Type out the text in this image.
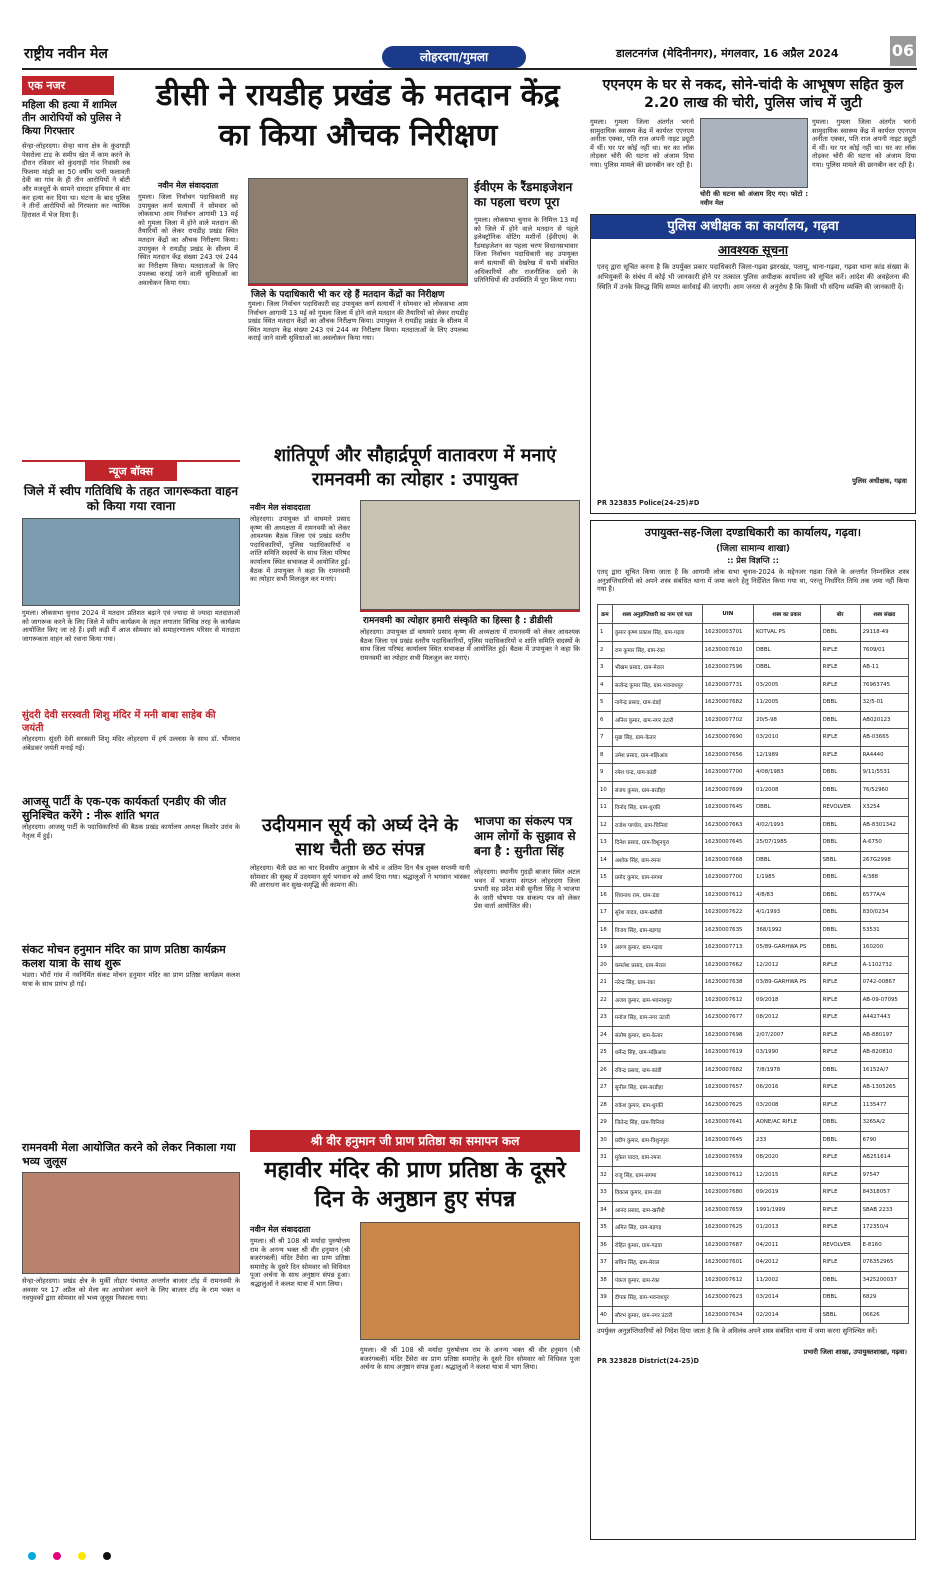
राष्ट्रीय नवीन मेल	लोहरदगा/गुमला	डालटनगंज (मेदिनीनगर), मंगलवार, 16 अप्रैल 2024	06
एक नजर
महिला की हत्या में शामिल तीन आरोपियों को पुलिस ने किया गिरफ्तार
सेन्हा-लोहरदगा। सेन्हा थाना क्षेत्र के कुंदगाड़ी पेसरोला टाड़ के समीप खेत में काम करने के दौरान रविवार को कुंदगाड़ी गांव निवासी रुब फिलमा मांझी का 50 वर्षीय पत्नी फलावती देवी का गांव के ही तीन आरोपियों ने बोटी और मजदूरों के सामने धारदार हथियार से वार कर हत्या कर दिया था। घटना के बाद पुलिस ने तीनों आरोपियों को गिरफ्तार कर न्यायिक हिरासत में भेज दिया है।
डीसी ने रायडीह प्रखंड के मतदान केंद्र का किया औचक निरीक्षण
नवीन मेल संवाददाता
गुमला। जिला निर्वाचन पदाधिकारी सह उपायुक्त कर्ण सत्यार्थी ने सोमवार को लोकसभा आम निर्वाचन आगामी 13 मई को गुमला जिला में होने वाले मतदान की तैयारियों को लेकर रायडीह प्रखंड स्थित मतदान केंद्रों का औचक निरीक्षण किया। उपायुक्त ने रायडीह प्रखंड के सीलम में स्थित मतदान केंद्र संख्या 243 एवं 244 का निरीक्षण किया। मतदाताओं के लिए उपलब्ध कराई जाने वाली सुविधाओं का अवलोकन किया गया।
जिले के पदाधिकारी भी कर रहे हैं मतदान केंद्रों का निरीक्षण
गुमला। जिला निर्वाचन पदाधिकारी सह उपायुक्त कर्ण सत्यार्थी ने सोमवार को लोकसभा आम निर्वाचन आगामी 13 मई को गुमला जिला में होने वाले मतदान की तैयारियों को लेकर रायडीह प्रखंड स्थित मतदान केंद्रों का औचक निरीक्षण किया। उपायुक्त ने रायडीह प्रखंड के सीलम में स्थित मतदान केंद्र संख्या 243 एवं 244 का निरीक्षण किया। मतदाताओं के लिए उपलब्ध कराई जाने वाली सुविधाओं का अवलोकन किया गया।
ईवीएम के रैंडमाइजेशन का पहला चरण पूरा
गुमला। लोकसभा चुनाव के निमित्त 13 मई को जिले में होने वाले मतदान से पहले इलेक्ट्रॉनिक वोटिंग मशीनों (ईवीएम) के रैंडमाइजेशन का पहला चरण विधानसभावार जिला निर्वाचन पदाधिकारी सह उपायुक्त कर्ण सत्यार्थी की देखरेख में सभी संबंधित अधिकारियों और राजनीतिक दलों के प्रतिनिधियों की उपस्थिति में पूरा किया गया।
एएनएम के घर से नकद, सोने-चांदी के आभूषण सहित कुल 2.20 लाख की चोरी, पुलिस जांच में जुटी
गुमला। गुमला जिला अंतर्गत भरनो सामुदायिक स्वास्थ्य केंद्र में कार्यरत एएनएम अनीता एक्का, पति राज अपनी नाइट ड्यूटी में थीं। घर पर कोई नहीं था। घर का लॉक तोड़कर चोरी की घटना को अंजाम दिया गया। पुलिस मामले की छानबीन कर रही है।
चोरी की घटना को अंजाम दिए गए। फोटो : नवीन मेल
गुमला। गुमला जिला अंतर्गत भरनो सामुदायिक स्वास्थ्य केंद्र में कार्यरत एएनएम अनीता एक्का, पति राज अपनी नाइट ड्यूटी में थीं। घर पर कोई नहीं था। घर का लॉक तोड़कर चोरी की घटना को अंजाम दिया गया। पुलिस मामले की छानबीन कर रही है।
पुलिस अधीक्षक का कार्यालय, गढ़वा
आवश्यक सूचना
एतद् द्वारा सूचित करना है कि उपर्युक्त प्रकार पदाधिकारी जिला-गढ़वा झारखंड, पलामू, थाना-गढ़वा, गढ़वा थाना कांड संख्या के अभियुक्तों के संबंध में कोई भी जानकारी होने पर तत्काल पुलिस अधीक्षक कार्यालय को सूचित करें। आदेश की अवहेलना की स्थिति में उनके विरुद्ध विधि सम्मत कार्रवाई की जाएगी। आम जनता से अनुरोध है कि किसी भी संदिग्ध व्यक्ति की जानकारी दें।
पुलिस अधीक्षक, गढ़वा
PR 323835 Police(24-25)#D
न्यूज बॉक्स
जिले में स्वीप गतिविधि के तहत जागरूकता वाहन को किया गया रवाना
गुमला। लोकसभा चुनाव 2024 में मतदान प्रतिशत बढ़ाने एवं ज्यादा से ज्यादा मतदाताओं को जागरूक करने के लिए जिले में स्वीप कार्यक्रम के तहत लगातार विभिन्न तरह के कार्यक्रम आयोजित किए जा रहे हैं। इसी कड़ी में आज सोमवार को समाहरणालय परिसर से मतदाता जागरूकता वाहन को रवाना किया गया।
सुंदरी देवी सरस्वती शिशु मंदिर में मनी बाबा साहेब की जयंती
लोहरदगा। सुंदरी देवी सरस्वती शिशु मंदिर लोहरदगा में हर्ष उल्लास के साथ डॉ. भीमराव अंबेडकर जयंती मनाई गई।
आजसू पार्टी के एक-एक कार्यकर्ता एनडीए की जीत सुनिश्चित करेंगे : नीरू शांति भगत
लोहरदगा। आजसू पार्टी के पदाधिकारियों की बैठक प्रखंड कार्यालय अध्यक्ष किशोर उरांव के नेतृत्व में हुई।
संकट मोचन हनुमान मंदिर का प्राण प्रतिष्ठा कार्यक्रम कलश यात्रा के साथ शुरू
भंडरा। भौरों गांव में नवनिर्मित संकट मोचन हनुमान मंदिर का प्राण प्रतिष्ठा कार्यक्रम कलश यात्रा के साथ प्रारंभ हो गई।
रामनवमी मेला आयोजित करने को लेकर निकाला गया भव्य जुलूस
सेन्हा-लोहरदगा। प्रखंड क्षेत्र के मुर्की तोड़ार पंचायत अन्तर्गत बाजार टॉड़ में रामनवमी के अवसर पर 17 अप्रैल को मेला का आयोजन करने के लिए बाजार टॉड़ के राम भक्त व नवयुवकों द्वारा सोमवार को भव्य जुलूस निकाला गया।
शांतिपूर्ण और सौहार्द्रपूर्ण वातावरण में मनाएं रामनवमी का त्योहार : उपायुक्त
नवीन मेल संवाददाता
लोहरदगा। उपायुक्त डॉ वाघमारे प्रसाद कृष्ण की अध्यक्षता में रामनवमी को लेकर आवश्यक बैठक जिला एवं प्रखंड स्तरीय पदाधिकारियों, पुलिस पदाधिकारियों व शांति समिति सदस्यों के साथ जिला परिषद कार्यालय स्थित सभाकक्ष में आयोजित हुई। बैठक में उपायुक्त ने कहा कि रामनवमी का त्योहार सभी मिलजुल कर मनाएं।
रामनवमी का त्योहार हमारी संस्कृति का हिस्सा है : डीडीसी
लोहरदगा। उपायुक्त डॉ वाघमारे प्रसाद कृष्ण की अध्यक्षता में रामनवमी को लेकर आवश्यक बैठक जिला एवं प्रखंड स्तरीय पदाधिकारियों, पुलिस पदाधिकारियों व शांति समिति सदस्यों के साथ जिला परिषद कार्यालय स्थित सभाकक्ष में आयोजित हुई। बैठक में उपायुक्त ने कहा कि रामनवमी का त्योहार सभी मिलजुल कर मनाएं।
उदीयमान सूर्य को अर्घ्य देने के साथ चैती छठ संपन्न
लोहरदगा। चैती छठ का चार दिवसीय अनुष्ठान के चौथे व अंतिम दिन चैत्र शुक्ल सप्तमी यानी सोमवार की सुबह में उदयमान सूर्य भगवान को अर्घ्य दिया गया। श्रद्धालुओं ने भगवान भास्कर की आराधना कर सुख-समृद्धि की कामना की।
भाजपा का संकल्प पत्र आम लोगों के सुझाव से बना है : सुनीता सिंह
लोहरदगा। स्थानीय गुदड़ी बाजार स्थित अटल भवन में भाजपा संगठन लोहरदगा जिला प्रभारी सह प्रदेश मंत्री सुनीता सिंह ने भाजपा के जारी घोषणा पत्र संकल्प पत्र को लेकर प्रेस वार्ता आयोजित की।
श्री वीर हनुमान जी प्राण प्रतिष्ठा का समापन कल
महावीर मंदिर की प्राण प्रतिष्ठा के दूसरे दिन के अनुष्ठान हुए संपन्न
नवीन मेल संवाददाता
गुमला। श्री श्री 108 श्री मर्यादा पुरुषोत्तम राम के अनन्य भक्त श्री वीर हनुमान (श्री बजरंगबली) मंदिर टैंसेरा का प्राण प्रतिष्ठा समारोह के दूसरे दिन सोमवार को विधिवत पूजा अर्चना के साथ अनुष्ठान संपन्न हुआ। श्रद्धालुओं ने कलश यात्रा में भाग लिया।
गुमला। श्री श्री 108 श्री मर्यादा पुरुषोत्तम राम के अनन्य भक्त श्री वीर हनुमान (श्री बजरंगबली) मंदिर टैंसेरा का प्राण प्रतिष्ठा समारोह के दूसरे दिन सोमवार को विधिवत पूजा अर्चना के साथ अनुष्ठान संपन्न हुआ। श्रद्धालुओं ने कलश यात्रा में भाग लिया।
उपायुक्त-सह-जिला दण्डाधिकारी का कार्यालय, गढ़वा।
(जिला सामान्य शाखा)
:: प्रेस विज्ञप्ति ::
एतद् द्वारा सूचित किया जाता है कि आगामी लोक सभा चुनाव-2024 के मद्देनजर गढ़वा जिले के अन्तर्गत निम्नांकित शस्त्र अनुज्ञप्तिधारियों को अपने शस्त्र संबंधित थाना में जमा करने हेतु निर्देशित किया गया था, परन्तु निर्धारित तिथि तक जमा नहीं किया गया है।
क्रम	शस्त्र अनुज्ञप्तिधारी का नाम एवं पता	UIN	शस्त्र का प्रकार	बोर	शस्त्र संख्या
1	कुमार कृष्ण प्रकाश सिंह, ग्राम-गढ़वा	16230003701	KOTVAL PS	DBBL	29118-49
2	राम कुमार सिंह, ग्राम-रंका	16230007610	DBBL	RIFLE	7609/01
3	भीखम प्रसाद, ग्राम-मेराल	16230007596	DBBL	RIFLE	AB-11
4	सत्येन्द्र कुमार सिंह, ग्राम-भवनाथपुर	16230007731	03/2005	RIFLE	76963745
5	नागेन्द्र प्रसाद, ग्राम-डंडई	16230007682	11/2005	DBBL	32/5-01
6	अनिल कुमार, ग्राम-नगर उंटारी	16230007702	20/5-98	DBBL	AB020123
7	मुन्ना सिंह, ग्राम-केतार	16230007690	03/2010	RIFLE	AB-03665
8	उमेश प्रसाद, ग्राम-मझिआंव	16230007656	12/1989	RIFLE	RA4440
9	रमेश चन्द्र, ग्राम-कांडी	16230007700	4/08/1983	DBBL	9/11/5531
10	संजय कुमार, ग्राम-बरडीहा	16230007699	01/2008	DBBL	76/52960
11	विनोद सिंह, ग्राम-धुरकी	16230007645	DBBL	REVOLVER	X3254
12	राजेश पाण्डेय, ग्राम-चिनियां	16230007663	4/02/1993	DBBL	AB-8301342
13	दिनेश प्रसाद, ग्राम-विशुनपुरा	16230007645	25/07/1985	DBBL	A-6750
14	अशोक सिंह, ग्राम-रमना	16230007668	DBBL	SBBL	267G2998
15	प्रमोद कुमार, ग्राम-सगमा	16230007700	1/1985	DBBL	4/388
16	शिवनाथ राम, ग्राम-डंडा	16230007612	4/8/83	DBBL	6577A/4
17	सुरेश यादव, ग्राम-खरौंधी	16230007622	4/1/1993	DBBL	830/0234
18	विजय सिंह, ग्राम-बड़गड़	16230007635	368/1992	DBBL	53531
19	अरुण कुमार, ग्राम-गढ़वा	16230007713	05/89-GARHWA PS	DBBL	160200
20	कमलेश प्रसाद, ग्राम-मेराल	16230007662	12/2012	RIFLE	A-1102732
21	नरेन्द्र सिंह, ग्राम-रंका	16230007638	03/89-GARHWA PS	RIFLE	0742-00867
22	अजय कुमार, ग्राम-भवनाथपुर	16230007612	09/2018	RIFLE	AB-09-07095
23	मनोज सिंह, ग्राम-नगर उंटारी	16230007677	08/2012	RIFLE	A4427443
24	संतोष कुमार, ग्राम-केतार	16230007698	2/07/2007	RIFLE	AB-880197
25	धर्मेन्द्र सिंह, ग्राम-मझिआंव	16230007619	03/1990	RIFLE	AB-820810
26	रविन्द्र प्रसाद, ग्राम-कांडी	16230007682	7/8/1978	DBBL	16152A/7
27	सुनील सिंह, ग्राम-बरडीहा	16230007657	06/2016	RIFLE	AB-1305265
28	राकेश कुमार, ग्राम-धुरकी	16230007625	03/2008	RIFLE	1135477
29	जितेन्द्र सिंह, ग्राम-चिनियां	16230007641	AONE/AC RIFLE	DBBL	3265A/2
30	प्रदीप कुमार, ग्राम-विशुनपुरा	16230007645	233	DBBL	6790
31	मुकेश यादव, ग्राम-रमना	16230007659	08/2020	RIFLE	AB251614
32	राजू सिंह, ग्राम-सगमा	16230007612	12/2015	RIFLE	97547
33	विकास कुमार, ग्राम-डंडा	16230007680	09/2019	RIFLE	84318057
34	आनंद प्रसाद, ग्राम-खरौंधी	16230007659	1991/1999	RIFLE	SBAB 2233
35	अमित सिंह, ग्राम-बड़गड़	16230007625	01/2013	RIFLE	172350/4
36	रोहित कुमार, ग्राम-गढ़वा	16230007687	04/2011	REVOLVER	E-8160
37	सचिन सिंह, ग्राम-मेराल	16230007601	04/2012	RIFLE	076352965
38	पंकज कुमार, ग्राम-रंका	16230007612	11/2002	DBBL	3425200037
39	दीपक सिंह, ग्राम-भवनाथपुर	16230007623	03/2014	DBBL	6829
40	सौरभ कुमार, ग्राम-नगर उंटारी	16230007634	02/2014	SBBL	06626
उपर्युक्त अनुज्ञप्तिधारियों को निदेश दिया जाता है कि वे अविलंब अपने शस्त्र संबंधित थाना में जमा करना सुनिश्चित करें।
प्रभारी जिला शाखा, उपायुक्तशाखा, गढ़वा।
PR 323828 District(24-25)D
